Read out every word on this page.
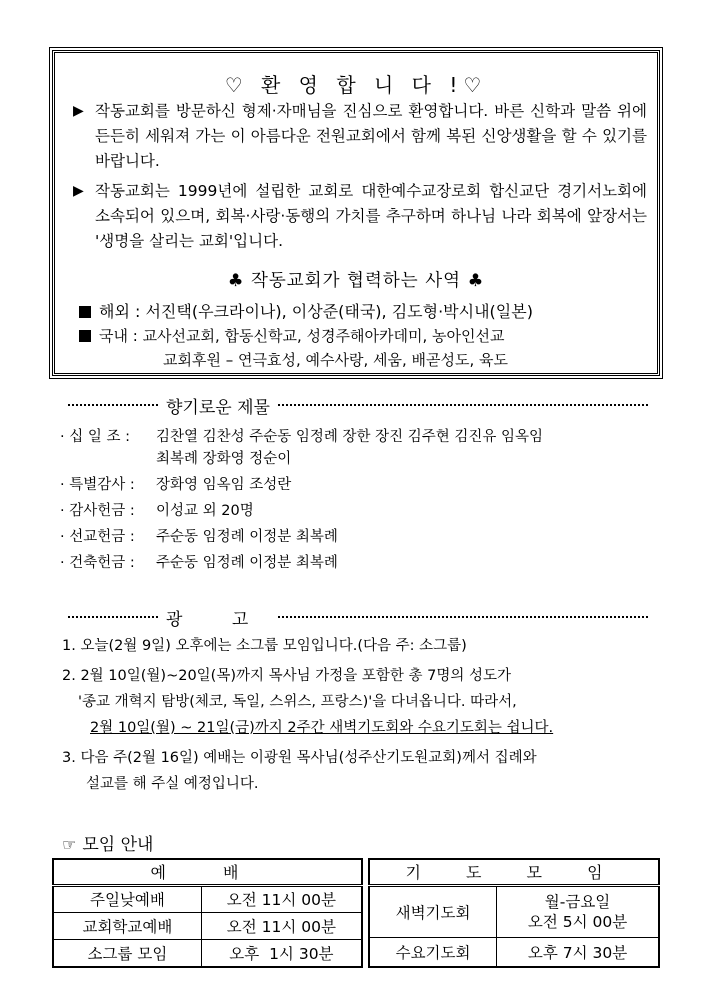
♡ 환 영 합 니 다 !♡
▶ 작동교회를 방문하신 형제·자매님을 진심으로 환영합니다. 바른 신학과 말씀 위에 든든히 세워져 가는 이 아름다운 전원교회에서 함께 복된 신앙생활을 할 수 있기를 바랍니다.
▶ 작동교회는 1999년에 설립한 교회로 대한예수교장로회 합신교단 경기서노회에 소속되어 있으며, 회복·사랑·동행의 가치를 추구하며 하나님 나라 회복에 앞장서는 '생명을 살리는 교회'입니다.
♣ 작동교회가 협력하는 사역 ♣
해외 : 서진택(우크라이나), 이상준(태국), 김도형·박시내(일본)
국내 : 교사선교회, 합동신학교, 성경주해아카데미, 농아인선교
교회후원 – 연극효성, 예수사랑, 세움, 배곧성도, 육도
향기로운 제물
· 십 일 조 : 김찬열 김찬성 주순동 임정례 장한 장진 김주현 김진유 임옥임
최복례 장화영 정순이
· 특별감사 : 장화영 임옥임 조성란
· 감사헌금 : 이성교 외 20명
· 선교헌금 : 주순동 임정례 이정분 최복례
· 건축헌금 : 주순동 임정례 이정분 최복례
광 고
1. 오늘(2월 9일) 오후에는 소그룹 모임입니다.(다음 주: 소그룹)
2. 2월 10일(월)~20일(목)까지 목사님 가정을 포함한 총 7명의 성도가
'종교 개혁지 탐방(체코, 독일, 스위스, 프랑스)'을 다녀옵니다. 따라서,
2월 10일(월) ~ 21일(금)까지 2주간 새벽기도회와 수요기도회는 쉽니다.
3. 다음 주(2월 16일) 예배는 이광원 목사님(성주산기도원교회)께서 집례와
설교를 해 주실 예정입니다.
☞ 모임 안내
예 배	
주일낮예배	오전 11시 00분
교회학교예배	오전 11시 00분
소그룹 모임	오후  1시 30분
기 도 모 임	
새벽기도회	월-금요일
오전 5시 00분

수요기도회	오후 7시 30분
